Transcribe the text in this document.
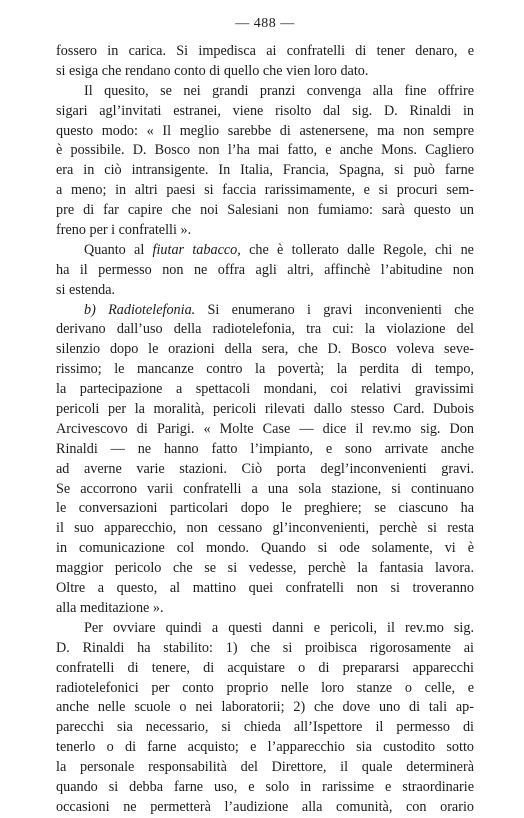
— 488 —
fossero in carica. Si impedisca ai confratelli di tener denaro, e
si esiga che rendano conto di quello che vien loro dato.
Il quesito, se nei grandi pranzi convenga alla fine offrire
sigari agl’invitati estranei, viene risolto dal sig. D. Rinaldi in
questo modo: « Il meglio sarebbe di astenersene, ma non sempre
è possibile. D. Bosco non l’ha mai fatto, e anche Mons. Cagliero
era in ciò intransigente. In Italia, Francia, Spagna, si può farne
a meno; in altri paesi si faccia rarissimamente, e si procuri sem-
pre di far capire che noi Salesiani non fumiamo: sarà questo un
freno per i confratelli ».
Quanto al fiutar tabacco, che è tollerato dalle Regole, chi ne
ha il permesso non ne offra agli altri, affinchè l’abitudine non
si estenda.
b) Radiotelefonia. Si enumerano i gravi inconvenienti che
derivano dall’uso della radiotelefonia, tra cui: la violazione del
silenzio dopo le orazioni della sera, che D. Bosco voleva seve-
rissimo; le mancanze contro la povertà; la perdita di tempo,
la partecipazione a spettacoli mondani, coi relativi gravissimi
pericoli per la moralità, pericoli rilevati dallo stesso Card. Dubois
Arcivescovo di Parigi. « Molte Case — dice il rev.mo sig. Don
Rinaldi — ne hanno fatto l’impianto, e sono arrivate anche
ad averne varie stazioni. Ciò porta degl’inconvenienti gravi.
Se accorrono varii confratelli a una sola stazione, si continuano
le conversazioni particolari dopo le preghiere; se ciascuno ha
il suo apparecchio, non cessano gl’inconvenienti, perchè si resta
in comunicazione col mondo. Quando si ode solamente, vi è
maggior pericolo che se si vedesse, perchè la fantasia lavora.
Oltre a questo, al mattino quei confratelli non si troveranno
alla meditazione ».
Per ovviare quindi a questi danni e pericoli, il rev.mo sig.
D. Rinaldi ha stabilito: 1) che si proibisca rigorosamente ai
confratelli di tenere, di acquistare o di prepararsi apparecchi
radiotelefonici per conto proprio nelle loro stanze o celle, e
anche nelle scuole o nei laboratorii; 2) che dove uno di tali ap-
parecchi sia necessario, si chieda all’Ispettore il permesso di
tenerlo o di farne acquisto; e l’apparecchio sia custodito sotto
la personale responsabilità del Direttore, il quale determinerà
quando si debba farne uso, e solo in rarissime e straordinarie
occasioni ne permetterà l’audizione alla comunità, con orario
